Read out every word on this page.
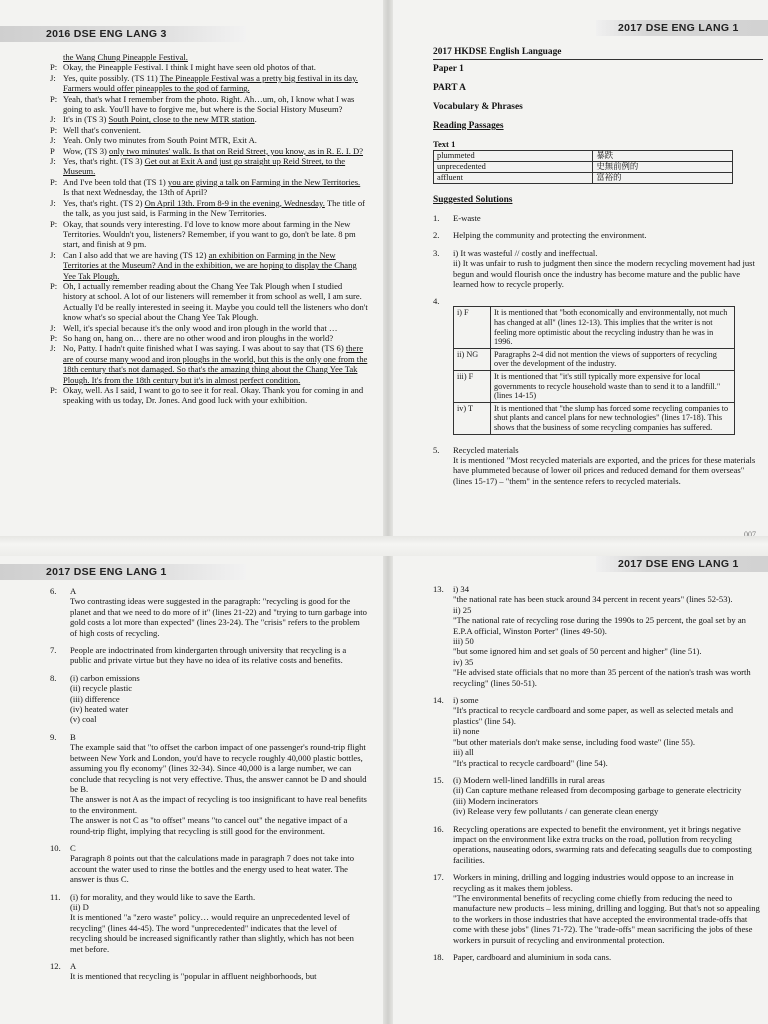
2016 DSE ENG LANG 3
the Wang Chung Pineapple Festival.
P: Okay, the Pineapple Festival. I think I might have seen old photos of that.
J: Yes, quite possibly. (TS 11) The Pineapple Festival was a pretty big festival in its day. Farmers would offer pineapples to the god of farming.
P: Yeah, that's what I remember from the photo. Right. Ah…um, oh, I know what I was going to ask. You'll have to forgive me, but where is the Social History Museum?
J: It's in (TS 3) South Point, close to the new MTR station.
P: Well that's convenient.
J: Yeah. Only two minutes from South Point MTR, Exit A.
P Wow, (TS 3) only two minutes' walk. Is that on Reid Street, you know, as in R. E. I. D?
J: Yes, that's right. (TS 3) Get out at Exit A and just go straight up Reid Street, to the Museum.
P: And I've been told that (TS 1) you are giving a talk on Farming in the New Territories. Is that next Wednesday, the 13th of April?
J: Yes, that's right. (TS 2) On April 13th. From 8-9 in the evening, Wednesday. The title of the talk, as you just said, is Farming in the New Territories.
P: Okay, that sounds very interesting. I'd love to know more about farming in the New Territories. Wouldn't you, listeners? Remember, if you want to go, don't be late. 8 pm start, and finish at 9 pm.
J: Can I also add that we are having (TS 12) an exhibition on Farming in the New Territories at the Museum? And in the exhibition, we are hoping to display the Chang Yee Tak Plough.
P: Oh, I actually remember reading about the Chang Yee Tak Plough when I studied history at school. A lot of our listeners will remember it from school as well, I am sure. Actually I'd be really interested in seeing it. Maybe you could tell the listeners who don't know what's so special about the Chang Yee Tak Plough.
J: Well, it's special because it's the only wood and iron plough in the world that …
P: So hang on, hang on… there are no other wood and iron ploughs in the world?
J: No, Patty. I hadn't quite finished what I was saying. I was about to say that (TS 6) there are of course many wood and iron ploughs in the world, but this is the only one from the 18th century that's not damaged. So that's the amazing thing about the Chang Yee Tak Plough. It's from the 18th century but it's in almost perfect condition.
P: Okay, well. As I said, I want to go to see it for real. Okay. Thank you for coming in and speaking with us today, Dr. Jones. And good luck with your exhibition.
2017 DSE ENG LANG 1
2017 HKDSE English Language
Paper 1
PART A
Vocabulary & Phrases
Reading Passages
Text 1
plummeted	暴跌
unprecedented	史無前例的
affluent	富裕的
Suggested Solutions
1. E-waste
2. Helping the community and protecting the environment.
3. i) It was wasteful // costly and ineffectual.
ii) It was unfair to rush to judgment then since the modern recycling movement had just begun and would flourish once the industry has become mature and the public have learned how to recycle properly.
4.
i) F	It is mentioned that "both economically and environmentally, not much has changed at all" (lines 12-13). This implies that the writer is not feeling more optimistic about the recycling industry than he was in 1996.
ii) NG	Paragraphs 2-4 did not mention the views of supporters of recycling over the development of the industry.
iii) F	It is mentioned that "it's still typically more expensive for local governments to recycle household waste than to send it to a landfill." (lines 14-15)
iv) T	It is mentioned that "the slump has forced some recycling companies to shut plants and cancel plans for new technologies" (lines 17-18). This shows that the business of some recycling companies has suffered.
5. Recycled materials
It is mentioned "Most recycled materials are exported, and the prices for these materials have plummeted because of lower oil prices and reduced demand for them overseas" (lines 15-17) – "them" in the sentence refers to recycled materials.
007
2017 DSE ENG LANG 1
6. A
Two contrasting ideas were suggested in the paragraph: "recycling is good for the planet and that we need to do more of it" (lines 21-22) and "trying to turn garbage into gold costs a lot more than expected" (lines 23-24). The "crisis" refers to the problem of high costs of recycling.
7. People are indoctrinated from kindergarten through university that recycling is a public and private virtue but they have no idea of its relative costs and benefits.
8. (i) carbon emissions
(ii) recycle plastic
(iii) difference
(iv) heated water
(v) coal
9. B
The example said that "to offset the carbon impact of one passenger's round-trip flight between New York and London, you'd have to recycle roughly 40,000 plastic bottles, assuming you fly economy" (lines 32-34). Since 40,000 is a large number, we can conclude that recycling is not very effective. Thus, the answer cannot be D and should be B.
The answer is not A as the impact of recycling is too insignificant to have real benefits to the environment.
The answer is not C as "to offset" means "to cancel out" the negative impact of a round-trip flight, implying that recycling is still good for the environment.
10. C
Paragraph 8 points out that the calculations made in paragraph 7 does not take into account the water used to rinse the bottles and the energy used to heat water. The answer is thus C.
11. (i) for morality, and they would like to save the Earth.
(ii) D
It is mentioned "a "zero waste" policy… would require an unprecedented level of recycling" (lines 44-45). The word "unprecedented" indicates that the level of recycling should be increased significantly rather than slightly, which has not been met before.
12. A
It is mentioned that recycling is "popular in affluent neighborhoods, but
2017 DSE ENG LANG 1
13. i) 34
"the national rate has been stuck around 34 percent in recent years" (lines 52-53).
ii) 25
"The national rate of recycling rose during the 1990s to 25 percent, the goal set by an E.P.A official, Winston Porter" (lines 49-50).
iii) 50
"but some ignored him and set goals of 50 percent and higher" (line 51).
iv) 35
"He advised state officials that no more than 35 percent of the nation's trash was worth recycling" (lines 50-51).
14. i) some
"It's practical to recycle cardboard and some paper, as well as selected metals and plastics" (line 54).
ii) none
"but other materials don't make sense, including food waste" (line 55).
iii) all
"It's practical to recycle cardboard" (line 54).
15. (i) Modern well-lined landfills in rural areas
(ii) Can capture methane released from decomposing garbage to generate electricity
(iii) Modern incinerators
(iv) Release very few pollutants / can generate clean energy
16. Recycling operations are expected to benefit the environment, yet it brings negative impact on the environment like extra trucks on the road, pollution from recycling operations, nauseating odors, swarming rats and defecating seagulls due to composting facilities.
17. Workers in mining, drilling and logging industries would oppose to an increase in recycling as it makes them jobless.
"The environmental benefits of recycling come chiefly from reducing the need to manufacture new products – less mining, drilling and logging. But that's not so appealing to the workers in those industries that have accepted the environmental trade-offs that come with these jobs" (lines 71-72). The "trade-offs" mean sacrificing the jobs of these workers in pursuit of recycling and environmental protection.
18. Paper, cardboard and aluminium in soda cans.
